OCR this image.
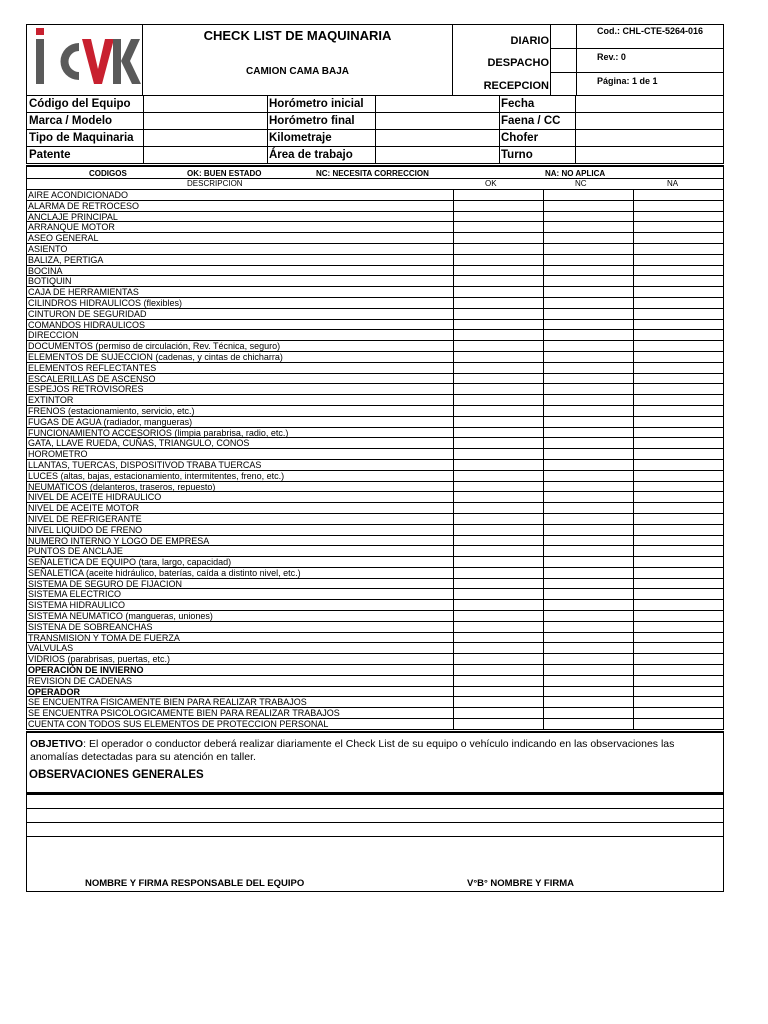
CHECK LIST DE MAQUINARIA
CAMION CAMA BAJA
DIARIO
DESPACHO
RECEPCION
Cod.: CHL-CTE-5264-016
Rev.: 0
Página: 1 de 1
Código del Equipo	Horómetro inicial	Fecha
Marca / Modelo	Horómetro final	Faena / CC
Tipo de Maquinaria	Kilometraje	Chofer
Patente	Área de trabajo	Turno
CODIGOS	OK: BUEN ESTADO	NC: NECESITA CORRECCION	NA: NO APLICA
DESCRIPCION	OK	NC	NA
AIRE ACONDICIONADO
ALARMA DE RETROCESO
ANCLAJE PRINCIPAL
ARRANQUE MOTOR
ASEO GENERAL
ASIENTO
BALIZA, PERTIGA
BOCINA
BOTIQUIN
CAJA DE HERRAMIENTAS
CILINDROS HIDRAULICOS (flexibles)
CINTURON DE SEGURIDAD
COMANDOS HIDRAULICOS
DIRECCION
DOCUMENTOS (permiso de circulación, Rev. Técnica, seguro)
ELEMENTOS DE SUJECCION (cadenas, y cintas de chicharra)
ELEMENTOS REFLECTANTES
ESCALERILLAS DE ASCENSO
ESPEJOS RETROVISORES
EXTINTOR
FRENOS (estacionamiento, servicio, etc.)
FUGAS DE AGUA (radiador, mangueras)
FUNCIONAMIENTO ACCESORIOS (limpia parabrisa, radio, etc.)
GATA, LLAVE RUEDA, CUÑAS, TRIANGULO, CONOS
HOROMETRO
LLANTAS, TUERCAS, DISPOSITIVOD TRABA TUERCAS
LUCES (altas, bajas, estacionamiento, intermitentes, freno, etc.)
NEUMATICOS (delanteros, traseros, repuesto)
NIVEL DE ACEITE HIDRAULICO
NIVEL DE ACEITE MOTOR
NIVEL DE REFRIGERANTE
NIVEL LIQUIDO DE FRENO
NUMERO INTERNO Y LOGO DE EMPRESA
PUNTOS DE ANCLAJE
SEÑALETICA DE EQUIPO (tara, largo, capacidad)
SEÑALETICA (aceite hidráulico, baterías, caída a distinto nivel, etc.)
SISTEMA DE SEGURO DE FIJACION
SISTEMA ELECTRICO
SISTEMA HIDRAULICO
SISTEMA NEUMATICO (mangueras, uniones)
SISTENA DE SOBREANCHAS
TRANSMISION Y TOMA DE FUERZA
VALVULAS
VIDRIOS (parabrisas, puertas, etc.)
OPERACIÓN DE INVIERNO
REVISION DE CADENAS
OPERADOR
SE ENCUENTRA FISICAMENTE BIEN PARA REALIZAR TRABAJOS
SE ENCUENTRA PSICOLOGICAMENTE BIEN PARA REALIZAR TRABAJOS
CUENTA CON TODOS SUS ELEMENTOS DE PROTECCION PERSONAL
OBJETIVO: El operador o conductor deberá realizar diariamente el Check List de su equipo o vehículo indicando en las observaciones las anomalías detectadas para su atención en taller.
OBSERVACIONES GENERALES
NOMBRE Y FIRMA RESPONSABLE DEL EQUIPO	V°B° NOMBRE Y FIRMA
